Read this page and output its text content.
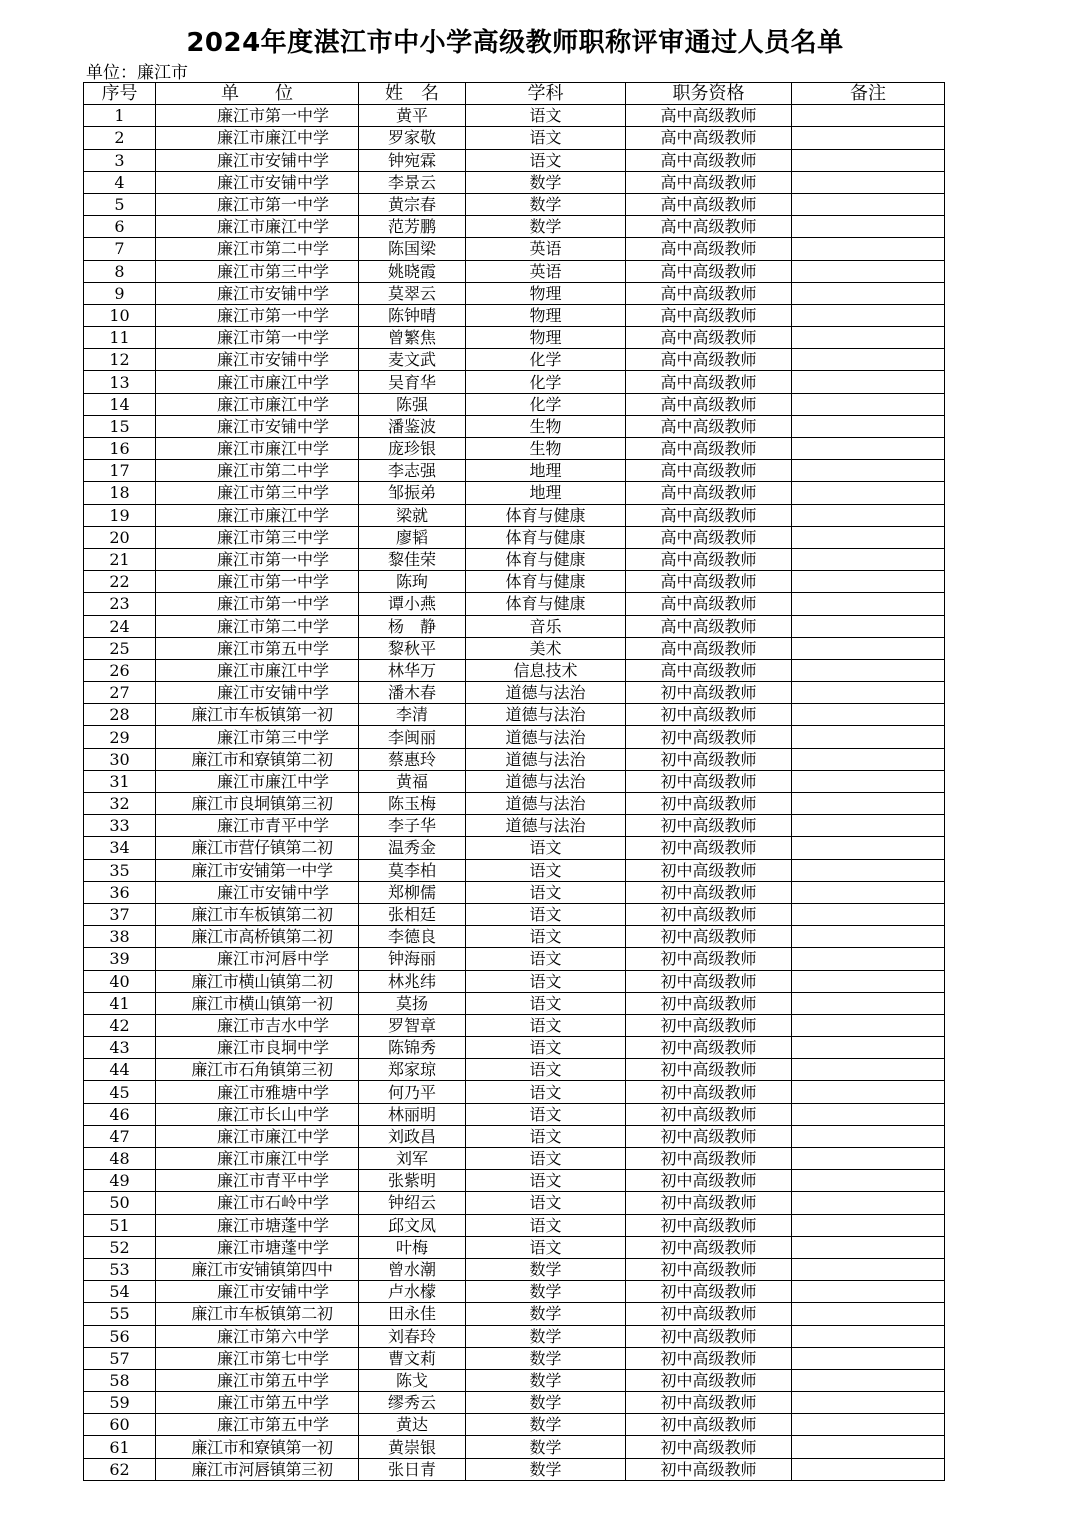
2024年度湛江市中小学高级教师职称评审通过人员名单
单位：廉江市
序号	单　　位	姓　名	学科	职务资格	备注
1	廉江市第一中学	黄平	语文	高中高级教师	
2	廉江市廉江中学	罗家敬	语文	高中高级教师	
3	廉江市安铺中学	钟宛霖	语文	高中高级教师	
4	廉江市安铺中学	李景云	数学	高中高级教师	
5	廉江市第一中学	黄宗春	数学	高中高级教师	
6	廉江市廉江中学	范芳鹏	数学	高中高级教师	
7	廉江市第二中学	陈国梁	英语	高中高级教师	
8	廉江市第三中学	姚晓霞	英语	高中高级教师	
9	廉江市安铺中学	莫翠云	物理	高中高级教师	
10	廉江市第一中学	陈钟晴	物理	高中高级教师	
11	廉江市第一中学	曾繁焦	物理	高中高级教师	
12	廉江市安铺中学	麦文武	化学	高中高级教师	
13	廉江市廉江中学	吴育华	化学	高中高级教师	
14	廉江市廉江中学	陈强	化学	高中高级教师	
15	廉江市安铺中学	潘鉴波	生物	高中高级教师	
16	廉江市廉江中学	庞珍银	生物	高中高级教师	
17	廉江市第二中学	李志强	地理	高中高级教师	
18	廉江市第三中学	邹振弟	地理	高中高级教师	
19	廉江市廉江中学	梁就	体育与健康	高中高级教师	
20	廉江市第三中学	廖韬	体育与健康	高中高级教师	
21	廉江市第一中学	黎佳荣	体育与健康	高中高级教师	
22	廉江市第一中学	陈珣	体育与健康	高中高级教师	
23	廉江市第一中学	谭小燕	体育与健康	高中高级教师	
24	廉江市第二中学	杨　静	音乐	高中高级教师	
25	廉江市第五中学	黎秋平	美术	高中高级教师	
26	廉江市廉江中学	林华万	信息技术	高中高级教师	
27	廉江市安铺中学	潘木春	道德与法治	初中高级教师	
28	廉江市车板镇第一初	李清	道德与法治	初中高级教师	
29	廉江市第三中学	李闽丽	道德与法治	初中高级教师	
30	廉江市和寮镇第二初	蔡惠玲	道德与法治	初中高级教师	
31	廉江市廉江中学	黄福	道德与法治	初中高级教师	
32	廉江市良垌镇第三初	陈玉梅	道德与法治	初中高级教师	
33	廉江市青平中学	李子华	道德与法治	初中高级教师	
34	廉江市营仔镇第二初	温秀金	语文	初中高级教师	
35	廉江市安铺第一中学	莫李柏	语文	初中高级教师	
36	廉江市安铺中学	郑柳儒	语文	初中高级教师	
37	廉江市车板镇第二初	张相廷	语文	初中高级教师	
38	廉江市高桥镇第二初	李德良	语文	初中高级教师	
39	廉江市河唇中学	钟海丽	语文	初中高级教师	
40	廉江市横山镇第二初	林兆纬	语文	初中高级教师	
41	廉江市横山镇第一初	莫扬	语文	初中高级教师	
42	廉江市吉水中学	罗智章	语文	初中高级教师	
43	廉江市良垌中学	陈锦秀	语文	初中高级教师	
44	廉江市石角镇第三初	郑家琼	语文	初中高级教师	
45	廉江市雅塘中学	何乃平	语文	初中高级教师	
46	廉江市长山中学	林丽明	语文	初中高级教师	
47	廉江市廉江中学	刘政昌	语文	初中高级教师	
48	廉江市廉江中学	刘军	语文	初中高级教师	
49	廉江市青平中学	张紫明	语文	初中高级教师	
50	廉江市石岭中学	钟绍云	语文	初中高级教师	
51	廉江市塘蓬中学	邱文凤	语文	初中高级教师	
52	廉江市塘蓬中学	叶梅	语文	初中高级教师	
53	廉江市安铺镇第四中	曾水潮	数学	初中高级教师	
54	廉江市安铺中学	卢水檬	数学	初中高级教师	
55	廉江市车板镇第二初	田永佳	数学	初中高级教师	
56	廉江市第六中学	刘春玲	数学	初中高级教师	
57	廉江市第七中学	曹文莉	数学	初中高级教师	
58	廉江市第五中学	陈戈	数学	初中高级教师	
59	廉江市第五中学	缪秀云	数学	初中高级教师	
60	廉江市第五中学	黄达	数学	初中高级教师	
61	廉江市和寮镇第一初	黄崇银	数学	初中高级教师	
62	廉江市河唇镇第三初	张日青	数学	初中高级教师	
